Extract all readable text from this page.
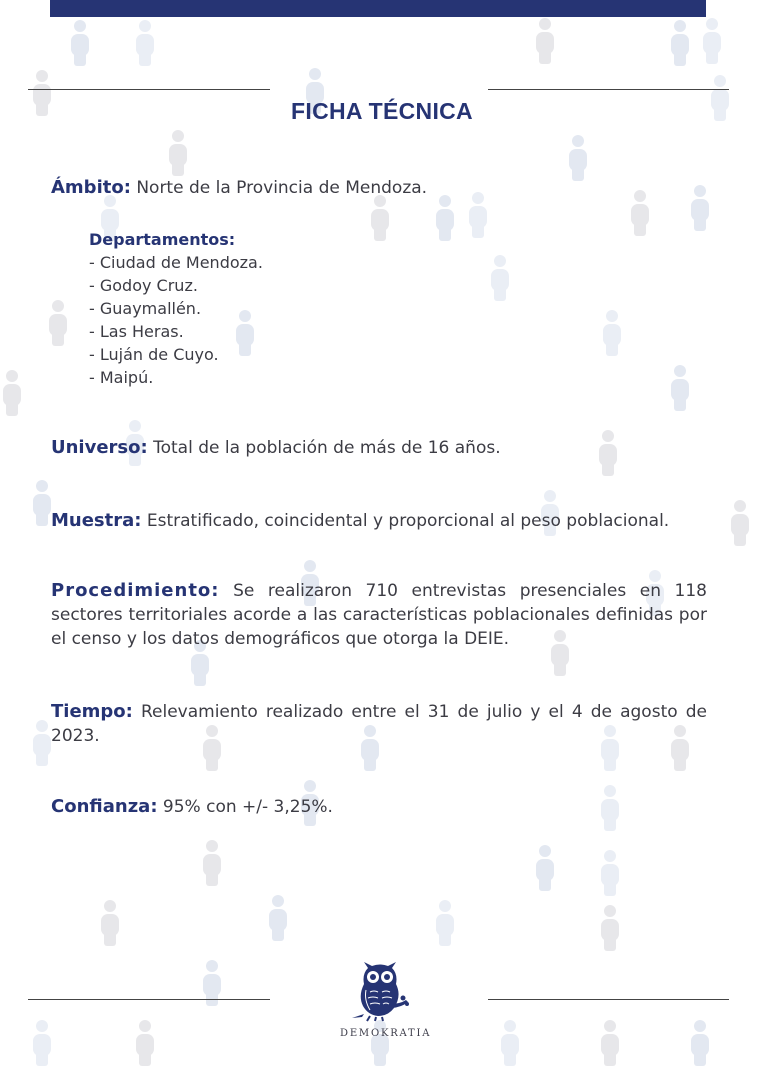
FICHA TÉCNICA
Ámbito: Norte de la Provincia de Mendoza.
Departamentos:
- Ciudad de Mendoza.
- Godoy Cruz.
- Guaymallén.
- Las Heras.
- Luján de Cuyo.
- Maipú.
Universo: Total de la población de más de 16 años.
Muestra: Estratificado, coincidental y proporcional al peso poblacional.
Procedimiento: Se realizaron 710 entrevistas presenciales en 118 sectores territoriales acorde a las características poblacionales definidas por el censo y los datos demográficos que otorga la DEIE.
Tiempo: Relevamiento realizado entre el 31 de julio y el 4 de agosto de 2023.
Confianza: 95% con +/- 3,25%.
DEMOKRATIA
